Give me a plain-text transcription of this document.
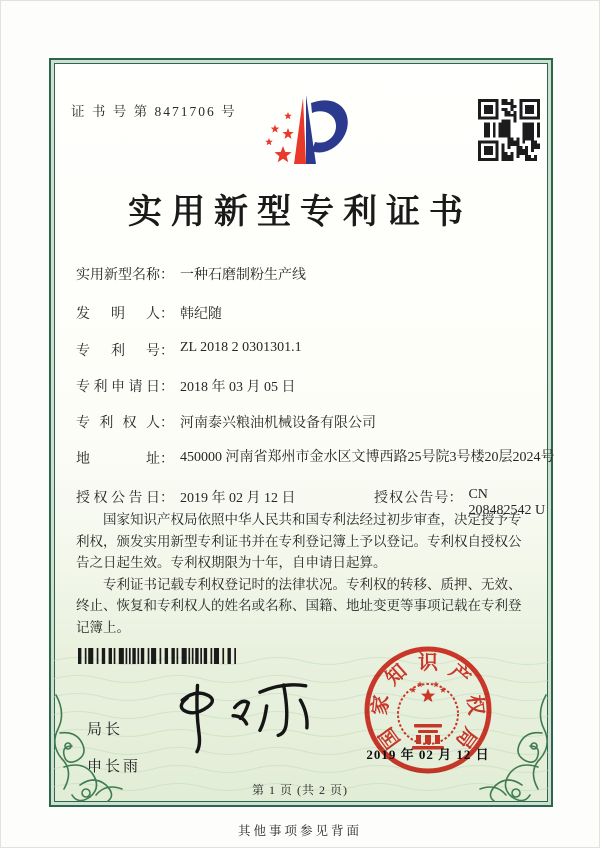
证 书 号 第 8471706 号
实用新型专利证书
实用新型名称 ： 一种石磨制粉生产线
发明人 ： 韩纪随
专利号 ： ZL 2018 2 0301301.1
专利申请日 ： 2018 年 03 月 05 日
专利权人 ： 河南泰兴粮油机械设备有限公司
地址 ： 450000 河南省郑州市金水区文博西路25号院3号楼20层2024号
授权公告日 ： 2019 年 02 月 12 日	授权公告号 ： CN 208482542 U

国家知识产权局依照中华人民共和国专利法经过初步审查，决定授予专利权，颁发实用新型专利证书并在专利登记簿上予以登记。专利权自授权公告之日起生效。专利权期限为十年，自申请日起算。

专利证书记载专利权登记时的法律状况。专利权的转移、质押、无效、终止、恢复和专利权人的姓名或名称、国籍、地址变更等事项记载在专利登记簿上。

局长
申长雨
国
家
知 识 产
权
局
2019 年 02 月 12 日
第 1 页 (共 2 页)
其他事项参见背面
